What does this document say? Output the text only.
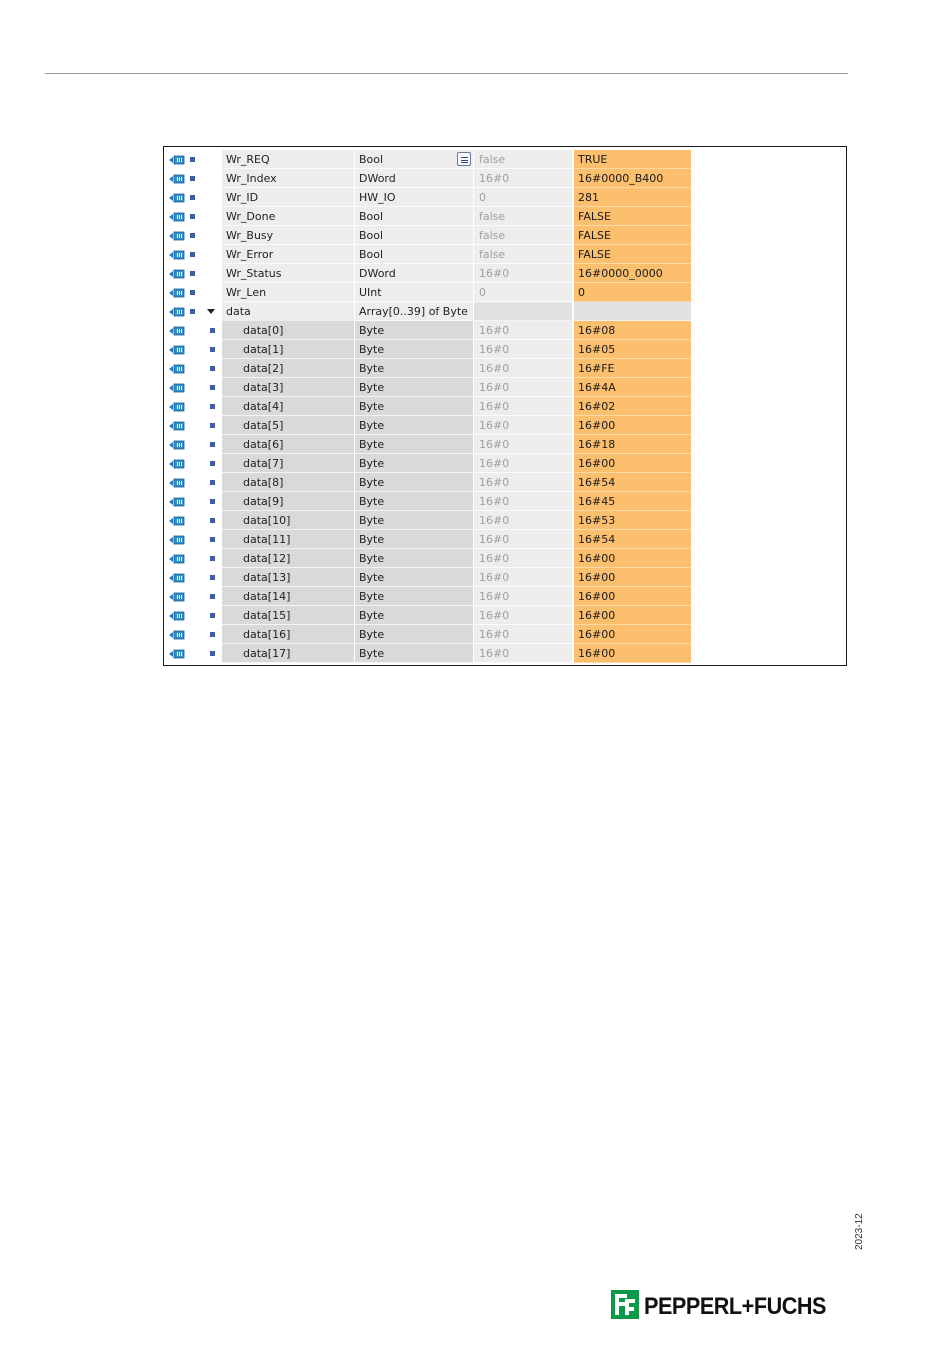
Wr_REQ	Bool	false	TRUE
Wr_Index	DWord	16#0	16#0000_B400
Wr_ID	HW_IO	0	281
Wr_Done	Bool	false	FALSE
Wr_Busy	Bool	false	FALSE
Wr_Error	Bool	false	FALSE
Wr_Status	DWord	16#0	16#0000_0000
Wr_Len	UInt	0	0
data	Array[0..39] of Byte
data[0]	Byte	16#0	16#08
data[1]	Byte	16#0	16#05
data[2]	Byte	16#0	16#FE
data[3]	Byte	16#0	16#4A
data[4]	Byte	16#0	16#02
data[5]	Byte	16#0	16#00
data[6]	Byte	16#0	16#18
data[7]	Byte	16#0	16#00
data[8]	Byte	16#0	16#54
data[9]	Byte	16#0	16#45
data[10]	Byte	16#0	16#53
data[11]	Byte	16#0	16#54
data[12]	Byte	16#0	16#00
data[13]	Byte	16#0	16#00
data[14]	Byte	16#0	16#00
data[15]	Byte	16#0	16#00
data[16]	Byte	16#0	16#00
data[17]	Byte	16#0	16#00
2023-12
PEPPERL+FUCHS
